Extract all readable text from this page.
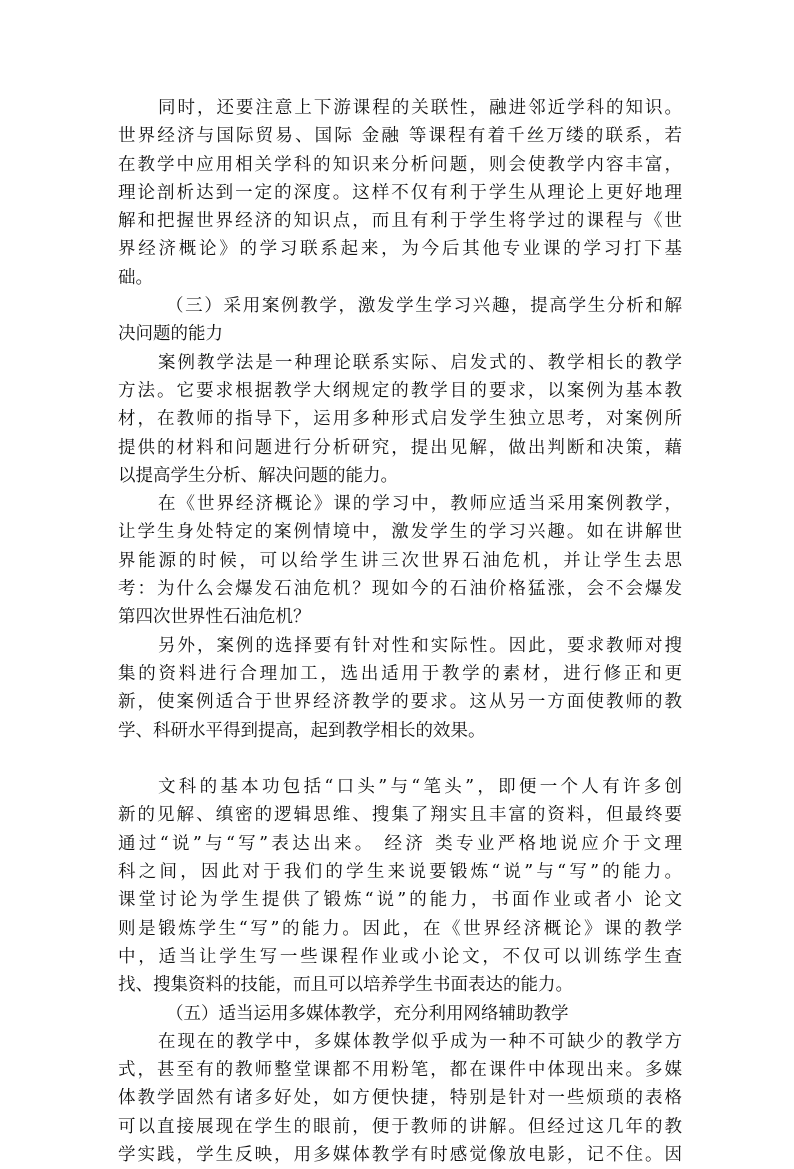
同时，还要注意上下游课程的关联性，融进邻近学科的知识。
世界经济与国际贸易、国际 金融 等课程有着千丝万缕的联系，若
在教学中应用相关学科的知识来分析问题，则会使教学内容丰富，
理论剖析达到一定的深度。这样不仅有利于学生从理论上更好地理
解和把握世界经济的知识点，而且有利于学生将学过的课程与《世
界经济概论》的学习联系起来，为今后其他专业课的学习打下基
础。
（三）采用案例教学，激发学生学习兴趣，提高学生分析和解
决问题的能力
案例教学法是一种理论联系实际、启发式的、教学相长的教学
方法。它要求根据教学大纲规定的教学目的要求，以案例为基本教
材，在教师的指导下，运用多种形式启发学生独立思考，对案例所
提供的材料和问题进行分析研究，提出见解，做出判断和决策，藉
以提高学生分析、解决问题的能力。
在《世界经济概论》课的学习中，教师应适当采用案例教学，
让学生身处特定的案例情境中，激发学生的学习兴趣。如在讲解世
界能源的时候，可以给学生讲三次世界石油危机，并让学生去思
考：为什么会爆发石油危机？现如今的石油价格猛涨，会不会爆发
第四次世界性石油危机？
另外，案例的选择要有针对性和实际性。因此，要求教师对搜
集的资料进行合理加工，选出适用于教学的素材，进行修正和更
新，使案例适合于世界经济教学的要求。这从另一方面使教师的教
学、科研水平得到提高，起到教学相长的效果。
文科的基本功包括“口头”与“笔头”，即便一个人有许多创
新的见解、缜密的逻辑思维、搜集了翔实且丰富的资料，但最终要
通过“说”与“写”表达出来。 经济 类专业严格地说应介于文理
科之间，因此对于我们的学生来说要锻炼“说”与“写”的能力。
课堂讨论为学生提供了锻炼“说”的能力，书面作业或者小 论文
则是锻炼学生“写”的能力。因此，在《世界经济概论》课的教学
中，适当让学生写一些课程作业或小论文，不仅可以训练学生查
找、搜集资料的技能，而且可以培养学生书面表达的能力。
（五）适当运用多媒体教学，充分利用网络辅助教学
在现在的教学中，多媒体教学似乎成为一种不可缺少的教学方
式，甚至有的教师整堂课都不用粉笔，都在课件中体现出来。多媒
体教学固然有诸多好处，如方便快捷，特别是针对一些烦琐的表格
可以直接展现在学生的眼前，便于教师的讲解。但经过这几年的教
学实践，学生反映，用多媒体教学有时感觉像放电影，记不住。因
